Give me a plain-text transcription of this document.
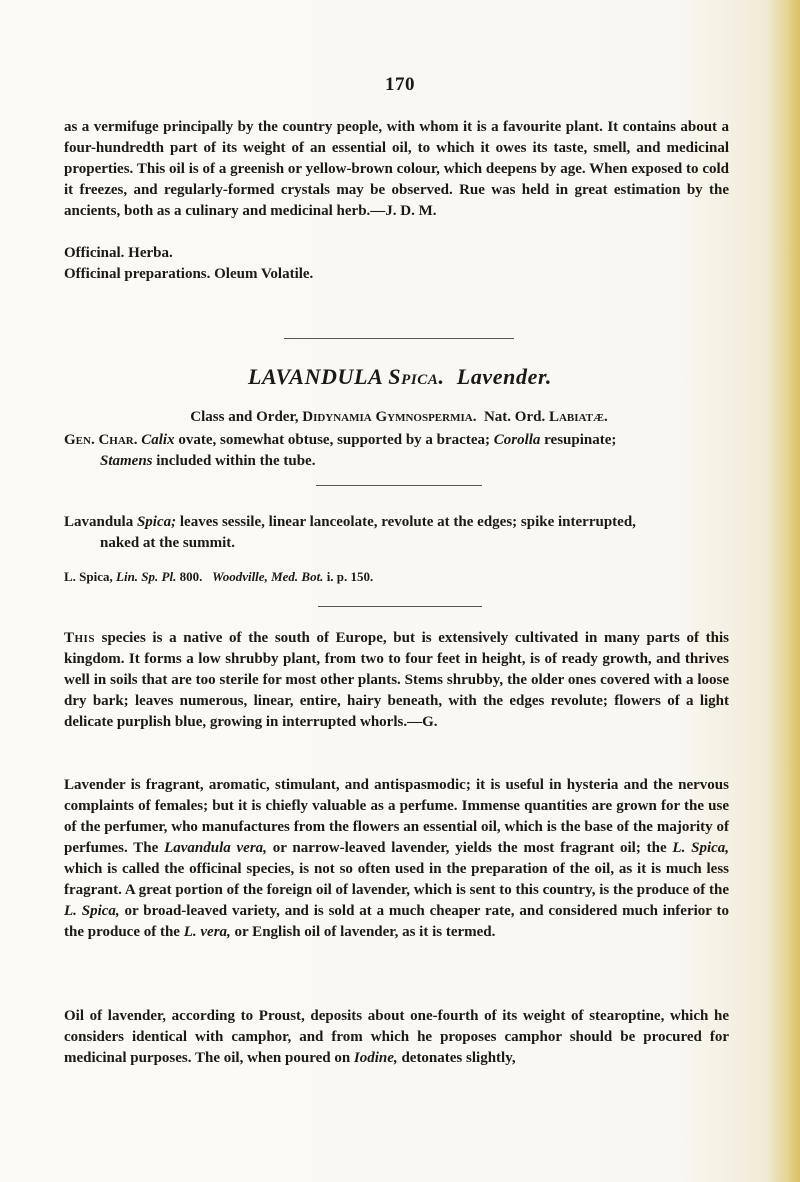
170
as a vermifuge principally by the country people, with whom it is a favourite plant. It contains about a four-hundredth part of its weight of an essential oil, to which it owes its taste, smell, and medicinal properties. This oil is of a greenish or yellow-brown colour, which deepens by age. When exposed to cold it freezes, and regularly-formed crystals may be observed. Rue was held in great estimation by the ancients, both as a culinary and medicinal herb.—J. D. M.
Officinal. Herba.
Officinal preparations. Oleum Volatile.
LAVANDULA Spica. Lavender.
Class and Order, Didynamia Gymnospermia. Nat. Ord. Labiatæ.
Gen. Char. Calix ovate, somewhat obtuse, supported by a bractea; Corolla resupinate;
Stamens included within the tube.

Lavandula Spica; leaves sessile, linear lanceolate, revolute at the edges; spike interrupted,

naked at the summit.

L. Spica, Lin. Sp. Pl. 800. Woodville, Med. Bot. i. p. 150.
This species is a native of the south of Europe, but is extensively cultivated in many parts of this kingdom. It forms a low shrubby plant, from two to four feet in height, is of ready growth, and thrives well in soils that are too sterile for most other plants. Stems shrubby, the older ones covered with a loose dry bark; leaves numerous, linear, entire, hairy beneath, with the edges revolute; flowers of a light delicate purplish blue, growing in interrupted whorls.—G.
Lavender is fragrant, aromatic, stimulant, and antispasmodic; it is useful in hysteria and the nervous complaints of females; but it is chiefly valuable as a perfume. Immense quantities are grown for the use of the perfumer, who manufactures from the flowers an essential oil, which is the base of the majority of perfumes. The Lavandula vera, or narrow-leaved lavender, yields the most fragrant oil; the L. Spica, which is called the officinal species, is not so often used in the preparation of the oil, as it is much less fragrant. A great portion of the foreign oil of lavender, which is sent to this country, is the produce of the L. Spica, or broad-leaved variety, and is sold at a much cheaper rate, and considered much inferior to the produce of the L. vera, or English oil of lavender, as it is termed.
Oil of lavender, according to Proust, deposits about one-fourth of its weight of stearoptine, which he considers identical with camphor, and from which he proposes camphor should be procured for medicinal purposes. The oil, when poured on Iodine, detonates slightly,
